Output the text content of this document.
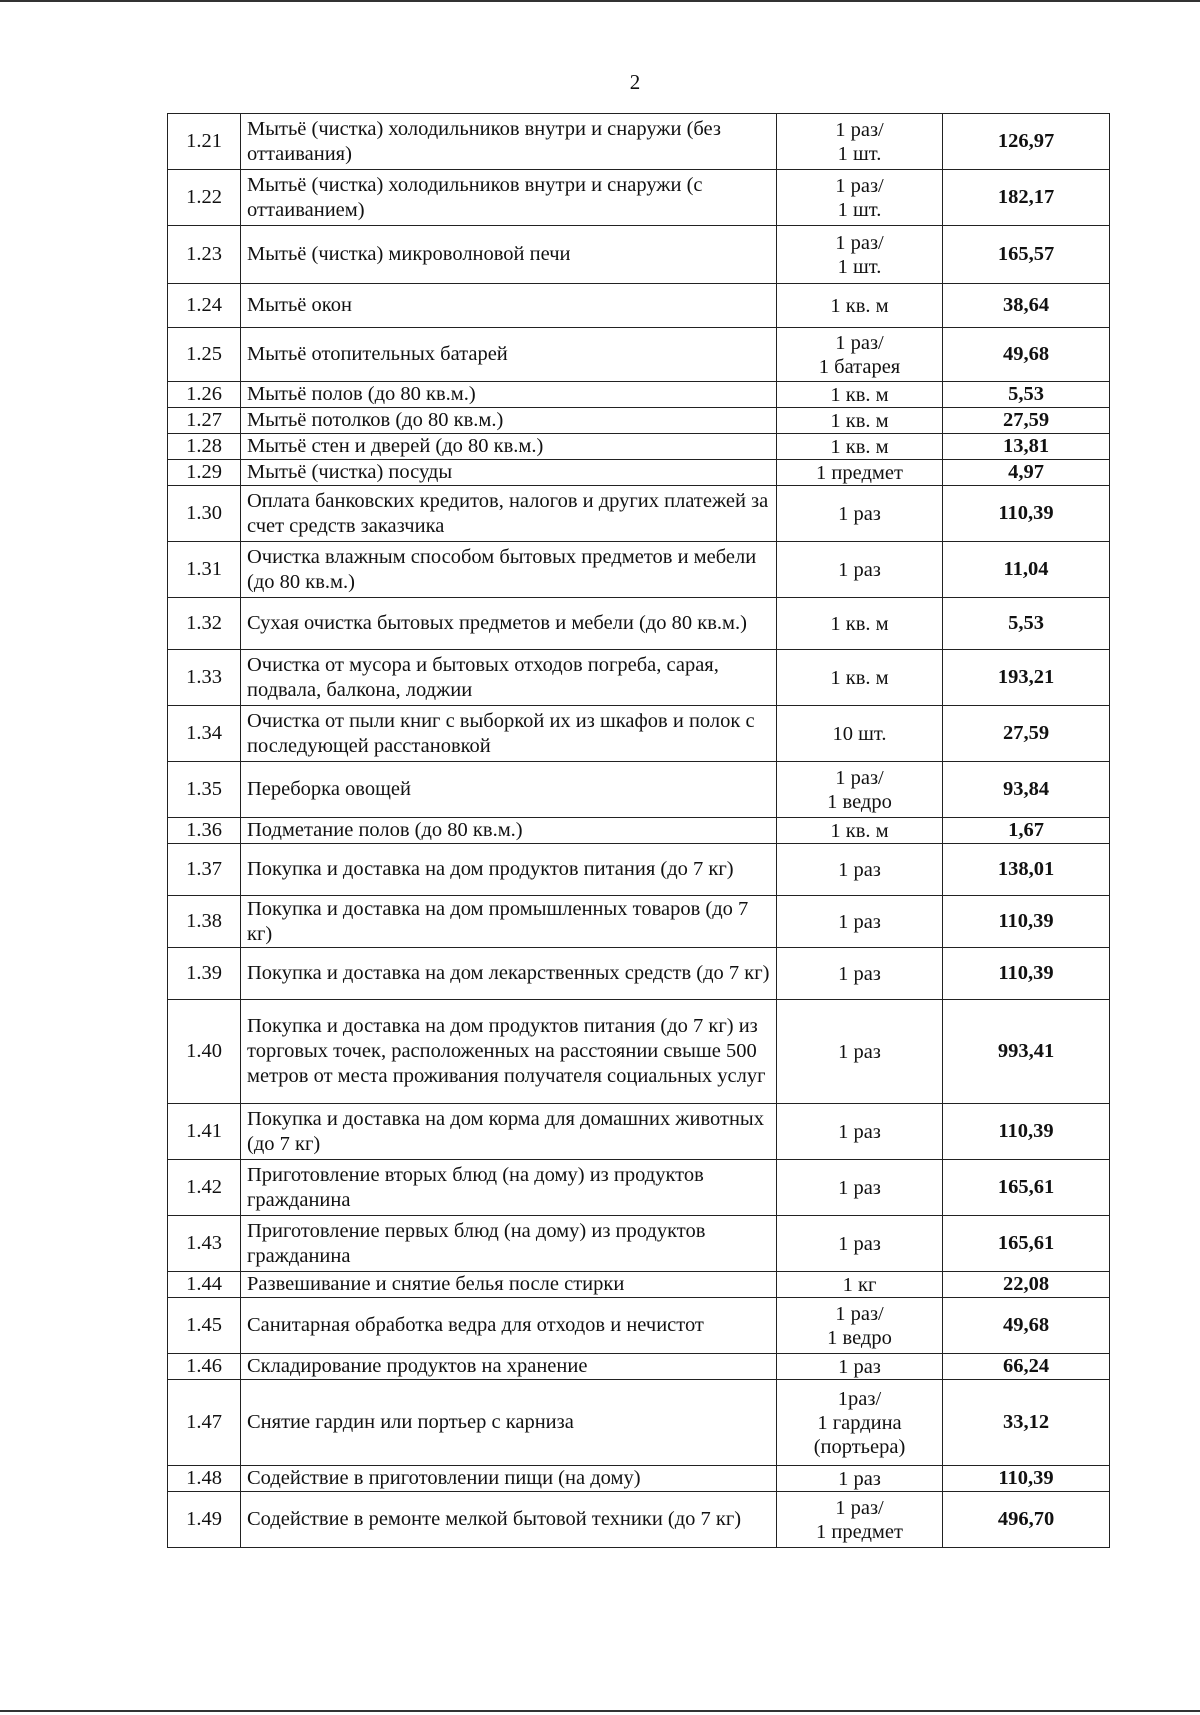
2
1.21	Мытьё (чистка) холодильников внутри и снаружи (без оттаивания)	1 раз/
1 шт.	126,97
1.22	Мытьё (чистка) холодильников внутри и снаружи (с оттаиванием)	1 раз/
1 шт.	182,17
1.23	Мытьё (чистка) микроволновой печи	1 раз/
1 шт.	165,57
1.24	Мытьё окон	1 кв. м	38,64
1.25	Мытьё отопительных батарей	1 раз/
1 батарея	49,68
1.26	Мытьё полов (до 80 кв.м.)	1 кв. м	5,53
1.27	Мытьё потолков (до 80 кв.м.)	1 кв. м	27,59
1.28	Мытьё стен и дверей (до 80 кв.м.)	1 кв. м	13,81
1.29	Мытьё (чистка) посуды	1 предмет	4,97
1.30	Оплата банковских кредитов, налогов и других платежей за счет средств заказчика	1 раз	110,39
1.31	Очистка влажным способом бытовых предметов и мебели (до 80 кв.м.)	1 раз	11,04
1.32	Сухая очистка бытовых предметов и мебели (до 80 кв.м.)	1 кв. м	5,53
1.33	Очистка от мусора и бытовых отходов погреба, сарая, подвала, балкона, лоджии	1 кв. м	193,21
1.34	Очистка от пыли книг с выборкой их из шкафов и полок с последующей расстановкой	10 шт.	27,59
1.35	Переборка овощей	1 раз/
1 ведро	93,84
1.36	Подметание полов (до 80 кв.м.)	1 кв. м	1,67
1.37	Покупка и доставка на дом продуктов питания (до 7 кг)	1 раз	138,01
1.38	Покупка и доставка на дом промышленных товаров (до 7 кг)	1 раз	110,39
1.39	Покупка и доставка на дом лекарственных средств (до 7 кг)	1 раз	110,39
1.40	Покупка и доставка на дом продуктов питания (до 7 кг) из торговых точек, расположенных на расстоянии свыше 500 метров от места проживания получателя социальных услуг	1 раз	993,41
1.41	Покупка и доставка на дом корма для домашних животных (до 7 кг)	1 раз	110,39
1.42	Приготовление вторых блюд (на дому) из продуктов гражданина	1 раз	165,61
1.43	Приготовление первых блюд (на дому) из продуктов гражданина	1 раз	165,61
1.44	Развешивание и снятие белья после стирки	1 кг	22,08
1.45	Санитарная обработка ведра для отходов и нечистот	1 раз/
1 ведро	49,68
1.46	Складирование продуктов на хранение	1 раз	66,24
1.47	Снятие гардин или портьер с карниза	1раз/
1 гардина
(портьера)	33,12
1.48	Содействие в приготовлении пищи (на дому)	1 раз	110,39
1.49	Содействие в ремонте мелкой бытовой техники (до 7 кг)	1 раз/
1 предмет	496,70
